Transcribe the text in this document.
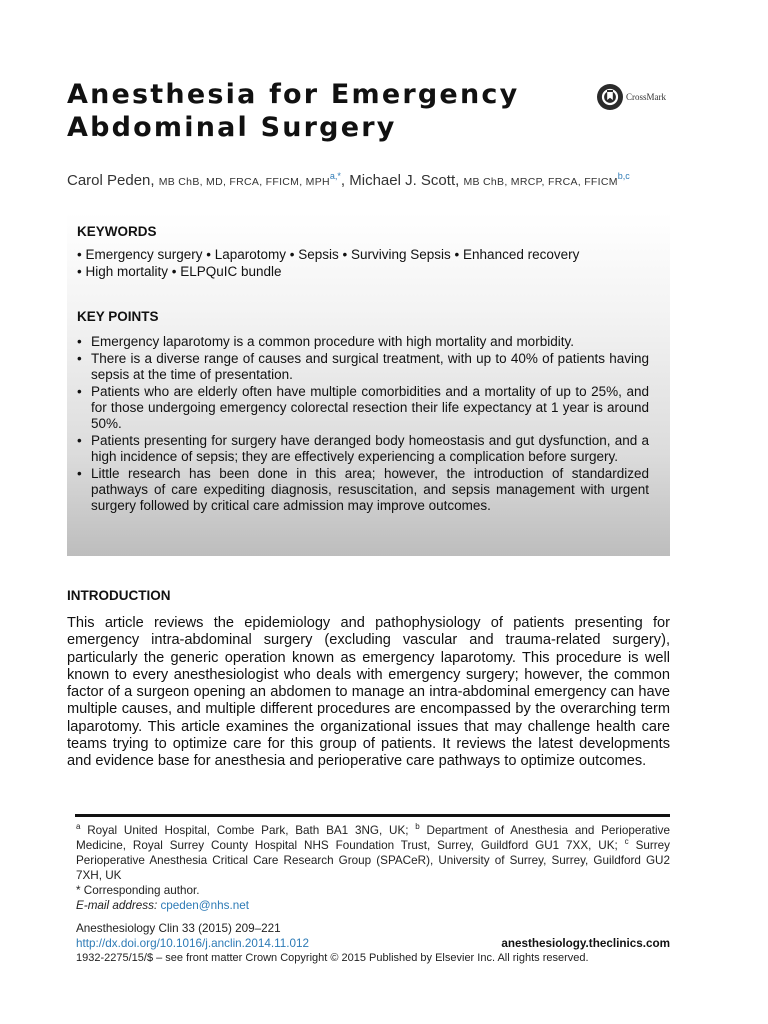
Anesthesia for Emergency
Abdominal Surgery
CrossMark
Carol Peden, MB ChB, MD, FRCA, FFICM, $MPH^{a,*}$, Michael J. Scott, MB ChB, MRCP, FRCA, FFICM$^{b,c}$
KEYWORDS
• Emergency surgery • Laparotomy • Sepsis • Surviving Sepsis • Enhanced recovery
• High mortality • ELPQuIC bundle
KEY POINTS
• Emergency laparotomy is a common procedure with high mortality and morbidity.
• There is a diverse range of causes and surgical treatment, with up to 40% of patients having sepsis at the time of presentation.
• Patients who are elderly often have multiple comorbidities and a mortality of up to 25%, and for those undergoing emergency colorectal resection their life expectancy at 1 year is around 50%.
• Patients presenting for surgery have deranged body homeostasis and gut dysfunction, and a high incidence of sepsis; they are effectively experiencing a complication before surgery.
• Little research has been done in this area; however, the introduction of standardized pathways of care expediting diagnosis, resuscitation, and sepsis management with urgent surgery followed by critical care admission may improve outcomes.
INTRODUCTION

This article reviews the epidemiology and pathophysiology of patients presenting for emergency intra-abdominal surgery (excluding vascular and trauma-related surgery), particularly the generic operation known as emergency laparotomy. This procedure is well known to every anesthesiologist who deals with emergency surgery; however, the common factor of a surgeon opening an abdomen to manage an intra-abdominal emergency can have multiple causes, and multiple different procedures are encompassed by the overarching term laparotomy. This article examines the organizational issues that may challenge health care teams trying to optimize care for this group of patients. It reviews the latest developments and evidence base for anesthesia and perioperative care pathways to optimize outcomes.

$^a$ Royal United Hospital, Combe Park, Bath BA1 3NG, UK; $^b$ Department of Anesthesia and Perioperative Medicine, Royal Surrey County Hospital NHS Foundation Trust, Surrey, Guildford GU1 7XX, UK; $^c$ Surrey Perioperative Anesthesia Critical Care Research Group (SPACeR), University of Surrey, Surrey, Guildford GU2 7XH, UK
* Corresponding author.
E-mail address: cpeden@nhs.net
Anesthesiology Clin 33 (2015) 209–221
http://dx.doi.org/10.1016/j.anclin.2014.11.012	anesthesiology.theclinics.com
1932-2275/15/$ – see front matter Crown Copyright © 2015 Published by Elsevier Inc. All rights reserved.
